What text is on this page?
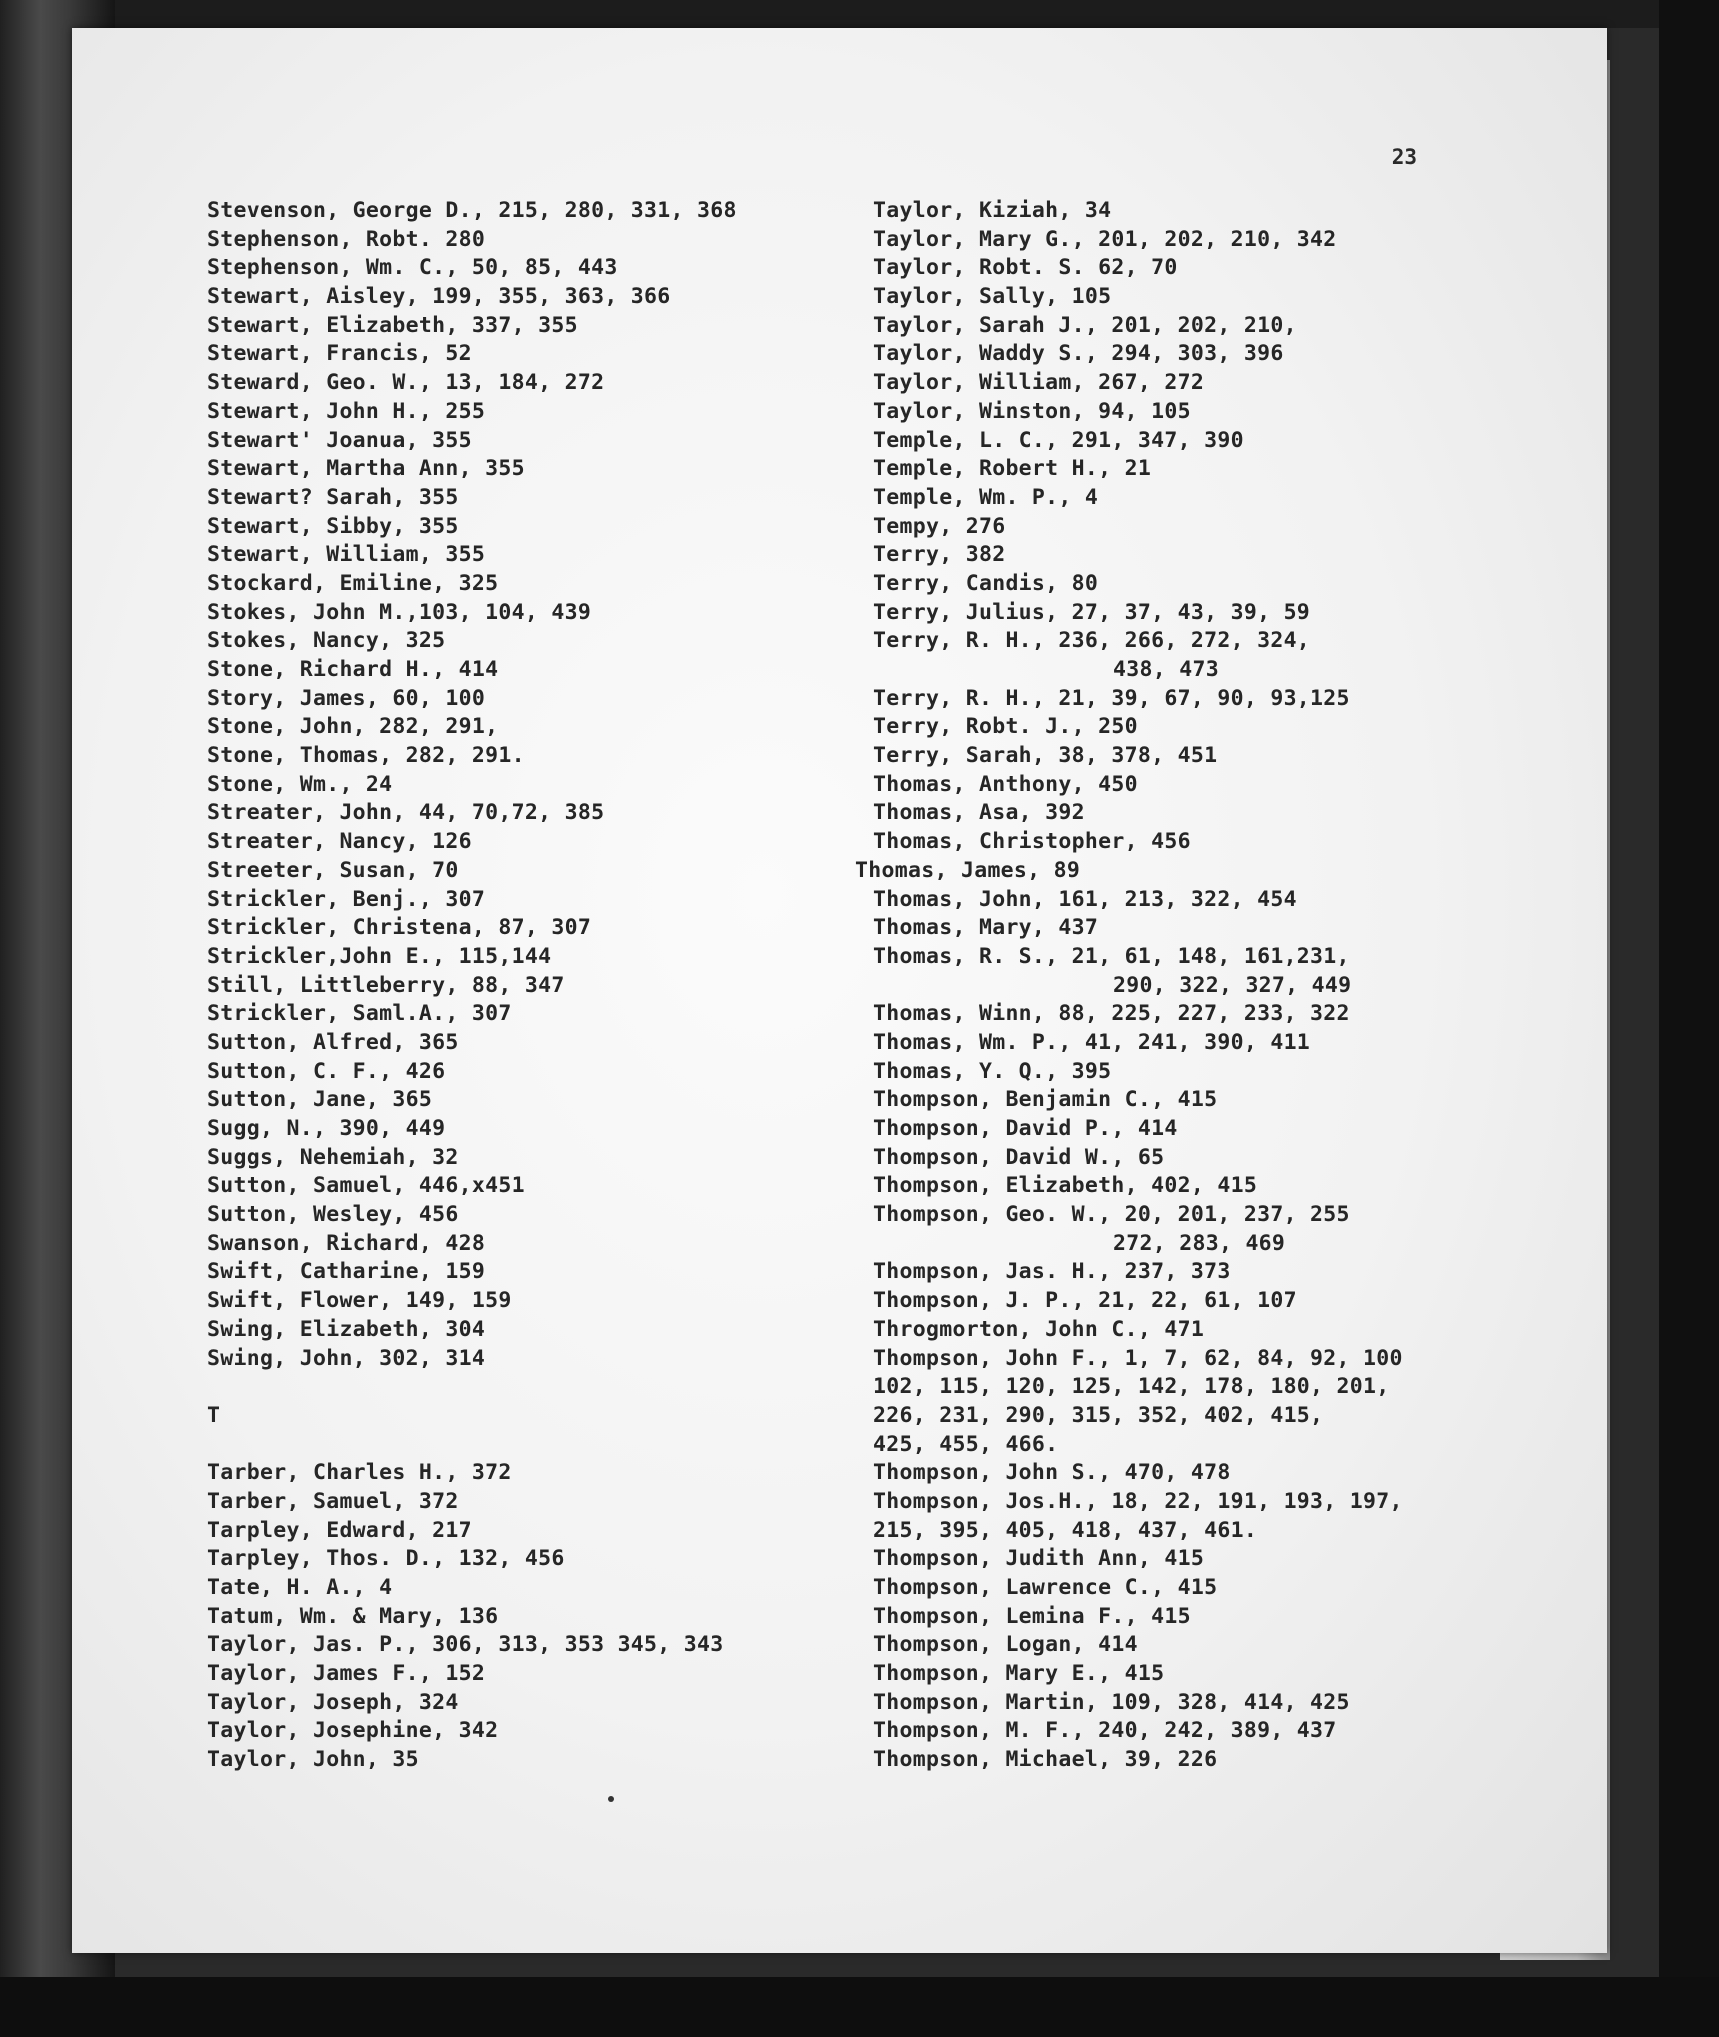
23
Stevenson, George D., 215, 280, 331, 368
Stephenson, Robt. 280
Stephenson, Wm. C., 50, 85, 443
Stewart, Aisley, 199, 355, 363, 366
Stewart, Elizabeth, 337, 355
Stewart, Francis, 52
Steward, Geo. W., 13, 184, 272
Stewart, John H., 255
Stewart' Joanua, 355
Stewart, Martha Ann, 355
Stewart? Sarah, 355
Stewart, Sibby, 355
Stewart, William, 355
Stockard, Emiline, 325
Stokes, John M.,103, 104, 439
Stokes, Nancy, 325
Stone, Richard H., 414
Story, James, 60, 100
Stone, John, 282, 291,
Stone, Thomas, 282, 291.
Stone, Wm., 24
Streater, John, 44, 70,72, 385
Streater, Nancy, 126
Streeter, Susan, 70
Strickler, Benj., 307
Strickler, Christena, 87, 307
Strickler,John E., 115,144
Still, Littleberry, 88, 347
Strickler, Saml.A., 307
Sutton, Alfred, 365
Sutton, C. F., 426
Sutton, Jane, 365
Sugg, N., 390, 449
Suggs, Nehemiah, 32
Sutton, Samuel, 446,x451
Sutton, Wesley, 456
Swanson, Richard, 428
Swift, Catharine, 159
Swift, Flower, 149, 159
Swing, Elizabeth, 304
Swing, John, 302, 314
T
Tarber, Charles H., 372
Tarber, Samuel, 372
Tarpley, Edward, 217
Tarpley, Thos. D., 132, 456
Tate, H. A., 4
Tatum, Wm. & Mary, 136
Taylor, Jas. P., 306, 313, 353 345, 343
Taylor, James F., 152
Taylor, Joseph, 324
Taylor, Josephine, 342
Taylor, John, 35
Taylor, Kiziah, 34
Taylor, Mary G., 201, 202, 210, 342
Taylor, Robt. S. 62, 70
Taylor, Sally, 105
Taylor, Sarah J., 201, 202, 210,
Taylor, Waddy S., 294, 303, 396
Taylor, William, 267, 272
Taylor, Winston, 94, 105
Temple, L. C., 291, 347, 390
Temple, Robert H., 21
Temple, Wm. P., 4
Tempy, 276
Terry, 382
Terry, Candis, 80
Terry, Julius, 27, 37, 43, 39, 59
Terry, R. H., 236, 266, 272, 324,
438, 473
Terry, R. H., 21, 39, 67, 90, 93,125
Terry, Robt. J., 250
Terry, Sarah, 38, 378, 451
Thomas, Anthony, 450
Thomas, Asa, 392
Thomas, Christopher, 456
Thomas, James, 89
Thomas, John, 161, 213, 322, 454
Thomas, Mary, 437
Thomas, R. S., 21, 61, 148, 161,231,
290, 322, 327, 449
Thomas, Winn, 88, 225, 227, 233, 322
Thomas, Wm. P., 41, 241, 390, 411
Thomas, Y. Q., 395
Thompson, Benjamin C., 415
Thompson, David P., 414
Thompson, David W., 65
Thompson, Elizabeth, 402, 415
Thompson, Geo. W., 20, 201, 237, 255
272, 283, 469
Thompson, Jas. H., 237, 373
Thompson, J. P., 21, 22, 61, 107
Throgmorton, John C., 471
Thompson, John F., 1, 7, 62, 84, 92, 100
102, 115, 120, 125, 142, 178, 180, 201,
226, 231, 290, 315, 352, 402, 415,
425, 455, 466.
Thompson, John S., 470, 478
Thompson, Jos.H., 18, 22, 191, 193, 197,
215, 395, 405, 418, 437, 461.
Thompson, Judith Ann, 415
Thompson, Lawrence C., 415
Thompson, Lemina F., 415
Thompson, Logan, 414
Thompson, Mary E., 415
Thompson, Martin, 109, 328, 414, 425
Thompson, M. F., 240, 242, 389, 437
Thompson, Michael, 39, 226
